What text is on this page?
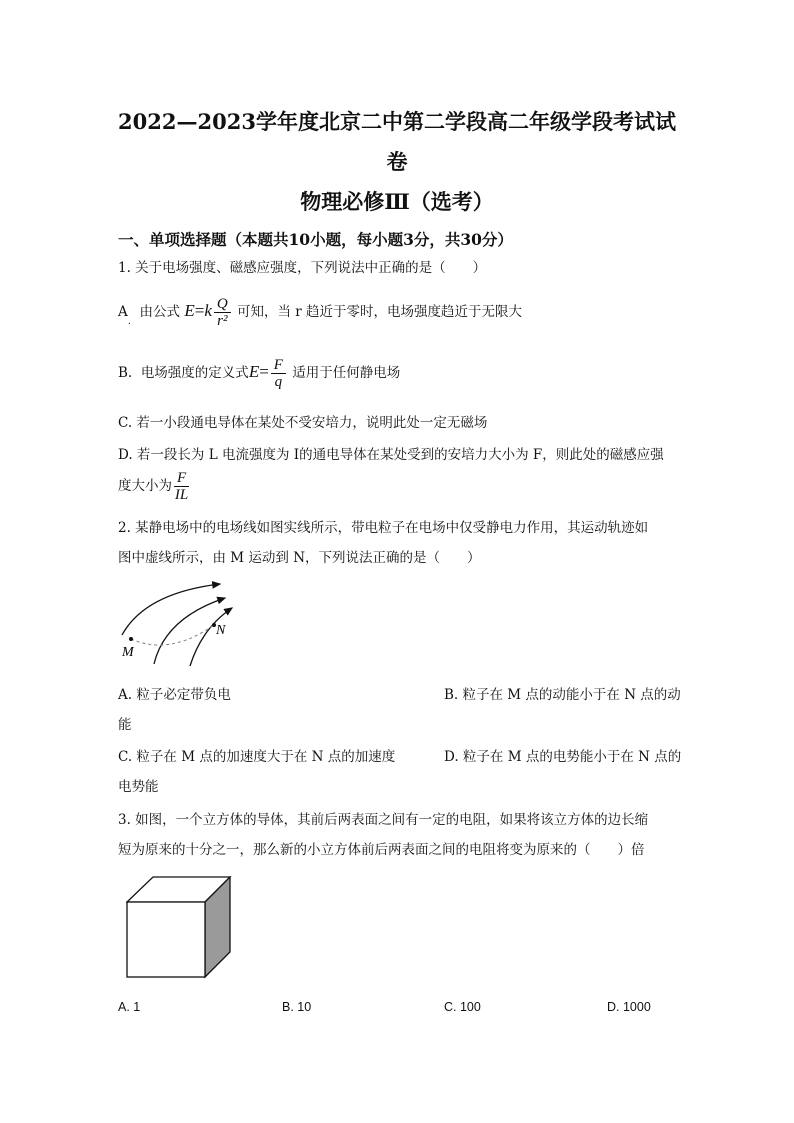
2022—2023学年度北京二中第二学段高二年级学段考试试
卷
物理必修Ⅲ（选考）
一、单项选择题（本题共10小题，每小题3分，共30分）
1. 关于电场强度、磁感应强度，下列说法中正确的是（　　）
$A_.$  由公式 $E=k \frac{Q}{\text{r²}}$ 可知，当 r 趋近于零时，电场强度趋近于无限大
B. 电场强度的定义式$E= \frac{F}{q}$ 适用于任何静电场
C. 若一小段通电导体在某处不受安培力，说明此处一定无磁场
D. 若一段长为 L 电流强度为 I的通电导体在某处受到的安培力大小为 F，则此处的磁感应强
度大小为 $\frac{F}{IL}$
2. 某静电场中的电场线如图实线所示，带电粒子在电场中仅受静电力作用，其运动轨迹如
图中虚线所示，由 M 运动到 N，下列说法正确的是（　　）
M
N
A. 粒子必定带负电	B. 粒子在 M 点的动能小于在 N 点的动
能
C. 粒子在 M 点的加速度大于在 N 点的加速度	D. 粒子在 M 点的电势能小于在 N 点的
电势能
3. 如图，一个立方体的导体，其前后两表面之间有一定的电阻，如果将该立方体的边长缩
短为原来的十分之一，那么新的小立方体前后两表面之间的电阻将变为原来的（　　）倍
A. 1	B. 10	C. 100	D. 1000
